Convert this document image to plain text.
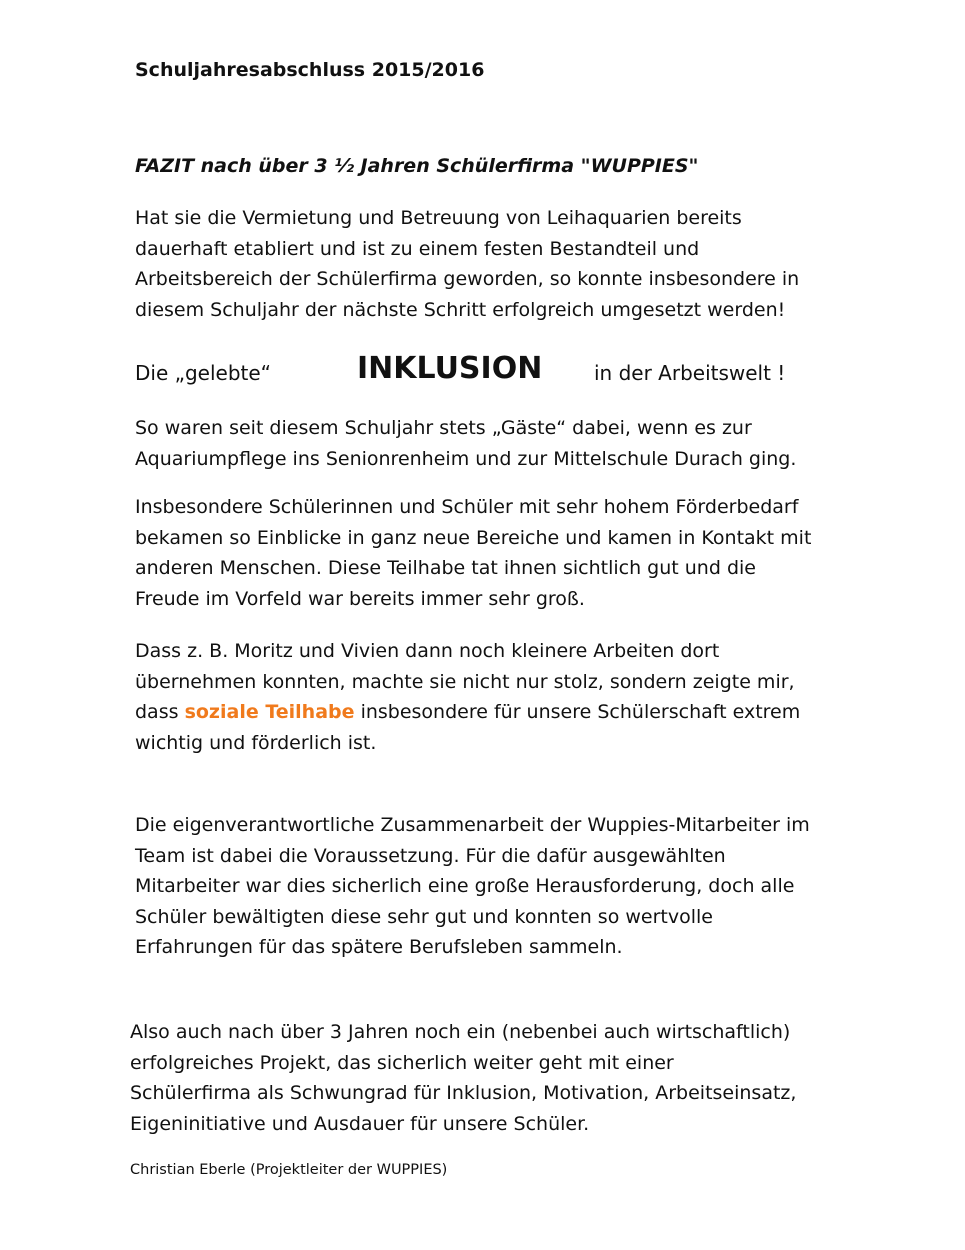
Schuljahresabschluss 2015/2016
FAZIT nach über 3 ½ Jahren Schülerfirma "WUPPIES"
Hat sie die Vermietung und Betreuung von Leihaquarien bereits
dauerhaft etabliert und ist zu einem festen Bestandteil und
Arbeitsbereich der Schülerfirma geworden, so konnte insbesondere in
diesem Schuljahr der nächste Schritt erfolgreich umgesetzt werden!
Die „gelebte“	INKLUSION	in der Arbeitswelt !
So waren seit diesem Schuljahr stets „Gäste“ dabei, wenn es zur
Aquariumpflege ins Senionrenheim und zur Mittelschule Durach ging.
Insbesondere Schülerinnen und Schüler mit sehr hohem Förderbedarf
bekamen so Einblicke in ganz neue Bereiche und kamen in Kontakt mit
anderen Menschen. Diese Teilhabe tat ihnen sichtlich gut und die
Freude im Vorfeld war bereits immer sehr groß.
Dass z. B. Moritz und Vivien dann noch kleinere Arbeiten dort
übernehmen konnten, machte sie nicht nur stolz, sondern zeigte mir,
dass soziale Teilhabe insbesondere für unsere Schülerschaft extrem
wichtig und förderlich ist.
Die eigenverantwortliche Zusammenarbeit der Wuppies-Mitarbeiter im
Team ist dabei die Voraussetzung. Für die dafür ausgewählten
Mitarbeiter war dies sicherlich eine große Herausforderung, doch alle
Schüler bewältigten diese sehr gut und konnten so wertvolle
Erfahrungen für das spätere Berufsleben sammeln.
Also auch nach über 3 Jahren noch ein (nebenbei auch wirtschaftlich)
erfolgreiches Projekt, das sicherlich weiter geht mit einer
Schülerfirma als Schwungrad für Inklusion, Motivation, Arbeitseinsatz,
Eigeninitiative und Ausdauer für unsere Schüler.
Christian Eberle (Projektleiter der WUPPIES)
